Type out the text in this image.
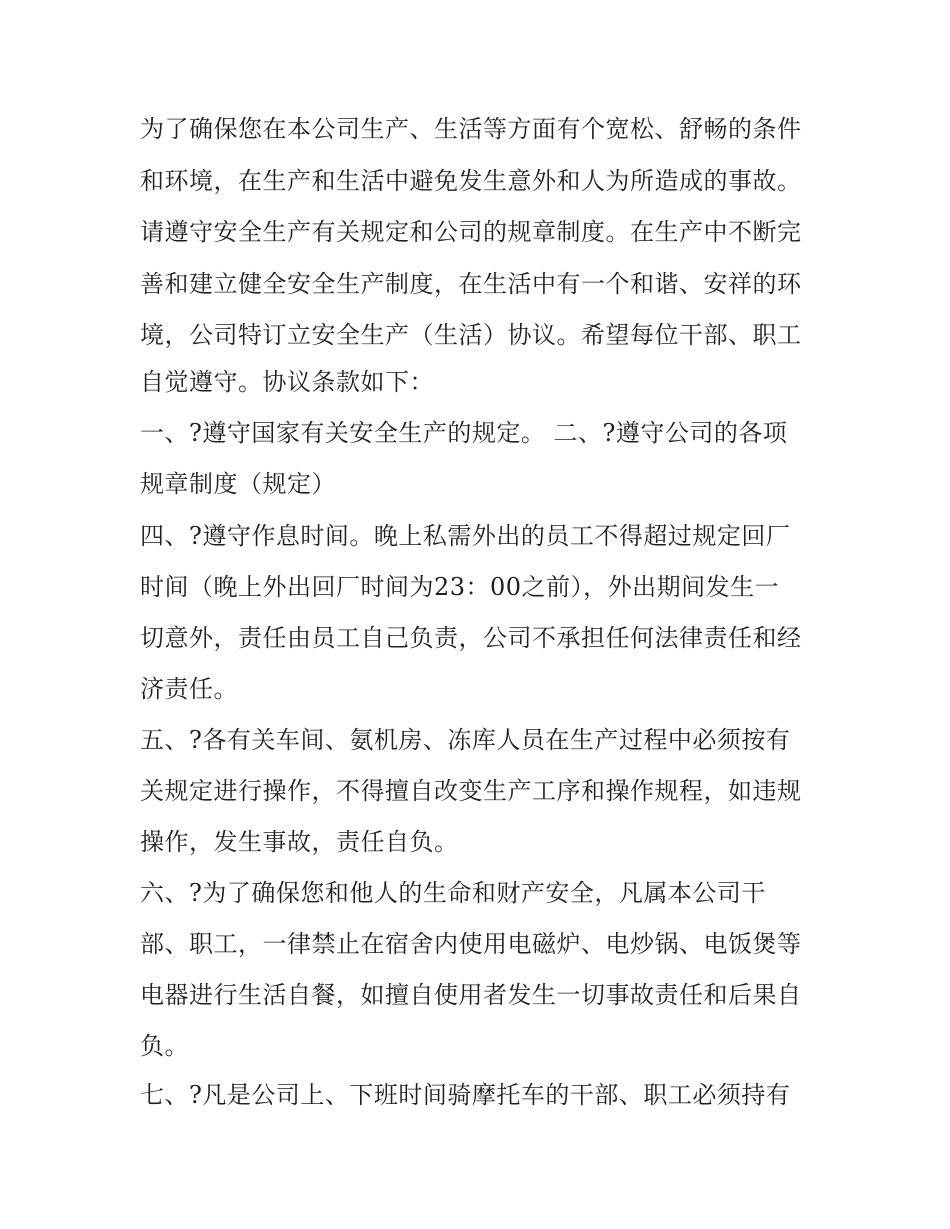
为了确保您在本公司生产、生活等方面有个宽松、舒畅的条件

和环境，在生产和生活中避免发生意外和人为所造成的事故。

请遵守安全生产有关规定和公司的规章制度。在生产中不断完

善和建立健全安全生产制度，在生活中有一个和谐、安祥的环

境，公司特订立安全生产（生活）协议。希望每位干部、职工

自觉遵守。协议条款如下：

一、?遵守国家有关安全生产的规定。 二、?遵守公司的各项

规章制度（规定）

四、?遵守作息时间。晚上私需外出的员工不得超过规定回厂

时间（晚上外出回厂时间为23：00之前），外出期间发生一

切意外，责任由员工自己负责，公司不承担任何法律责任和经

济责任。

五、?各有关车间、氨机房、冻库人员在生产过程中必须按有

关规定进行操作，不得擅自改变生产工序和操作规程，如违规

操作，发生事故，责任自负。

六、?为了确保您和他人的生命和财产安全，凡属本公司干

部、职工，一律禁止在宿舍内使用电磁炉、电炒锅、电饭煲等

电器进行生活自餐，如擅自使用者发生一切事故责任和后果自

负。

七、?凡是公司上、下班时间骑摩托车的干部、职工必须持有
